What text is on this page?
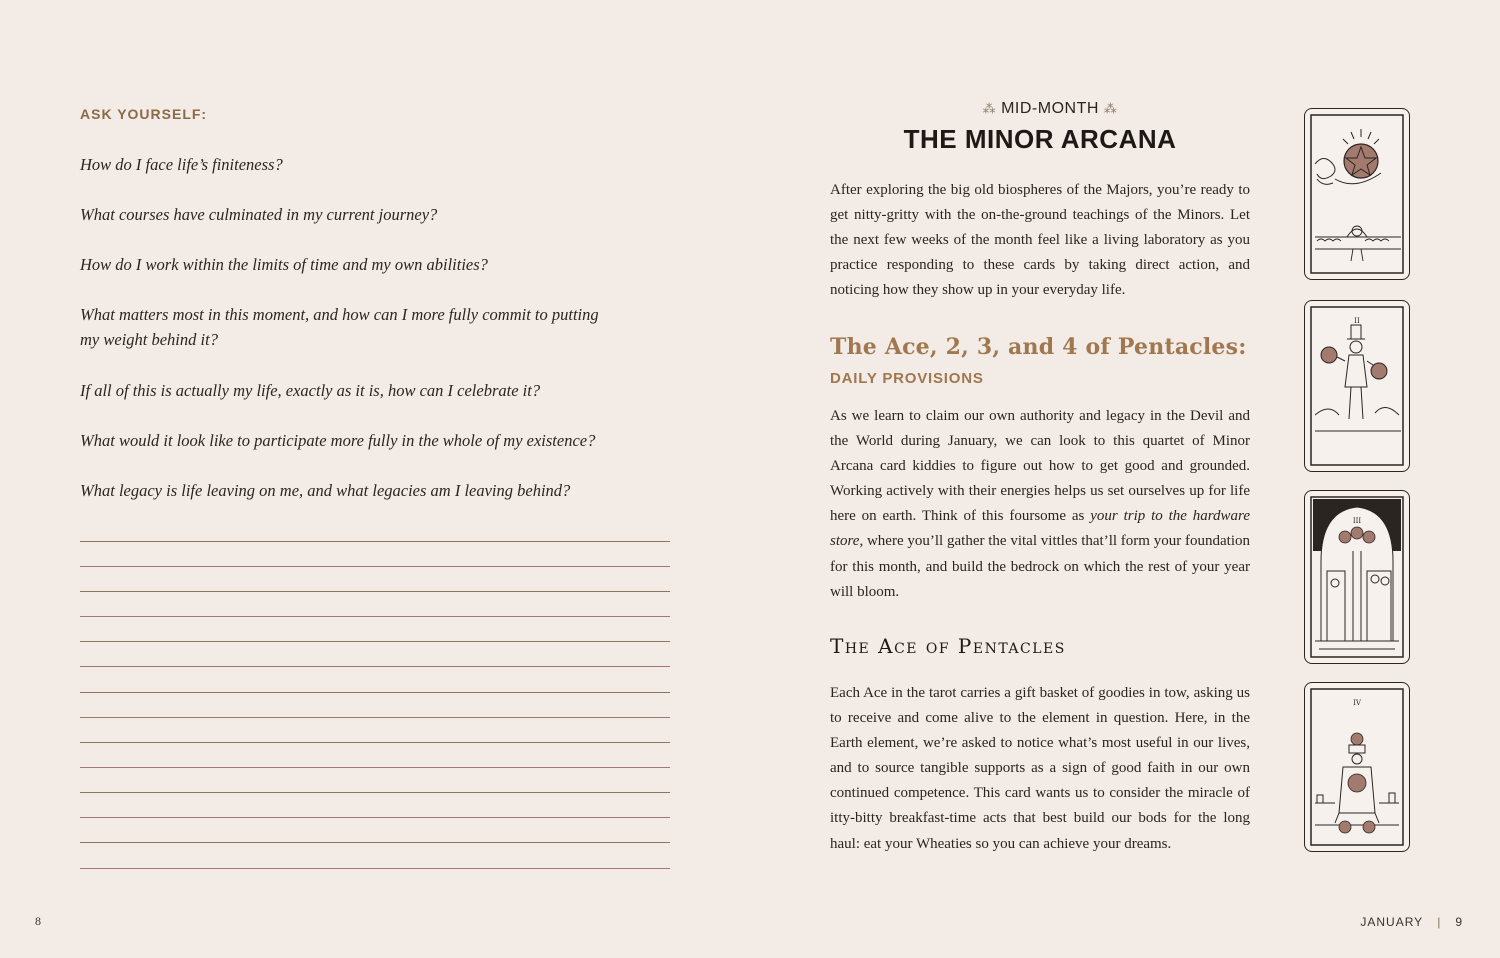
ASK YOURSELF:
How do I face life’s finiteness?
What courses have culminated in my current journey?
How do I work within the limits of time and my own abilities?
What matters most in this moment, and how can I more fully commit to putting my weight behind it?
If all of this is actually my life, exactly as it is, how can I celebrate it?
What would it look like to participate more fully in the whole of my existence?
What legacy is life leaving on me, and what legacies am I leaving behind?
8
⁂ MID-MONTH ⁂
THE MINOR ARCANA
After exploring the big old biospheres of the Majors, you’re ready to get nitty-gritty with the on-the-ground teachings of the Minors. Let the next few weeks of the month feel like a living laboratory as you practice responding to these cards by taking direct action, and noticing how they show up in your everyday life.
The Ace, 2, 3, and 4 of Pentacles:
DAILY PROVISIONS
As we learn to claim our own authority and legacy in the Devil and the World during January, we can look to this quartet of Minor Arcana card kiddies to figure out how to get good and grounded. Working actively with their energies helps us set ourselves up for life here on earth. Think of this foursome as your trip to the hardware store, where you’ll gather the vital vittles that’ll form your foundation for this month, and build the bedrock on which the rest of your year will bloom.
The Ace of Pentacles
Each Ace in the tarot carries a gift basket of goodies in tow, asking us to receive and come alive to the element in question. Here, in the Earth element, we’re asked to notice what’s most useful in our lives, and to source tangible supports as a sign of good faith in our own continued competence. This card wants us to consider the miracle of itty-bitty breakfast-time acts that best build our bods for the long haul: eat your Wheaties so you can achieve your dreams.
II
III
IV
JANUARY | 9
